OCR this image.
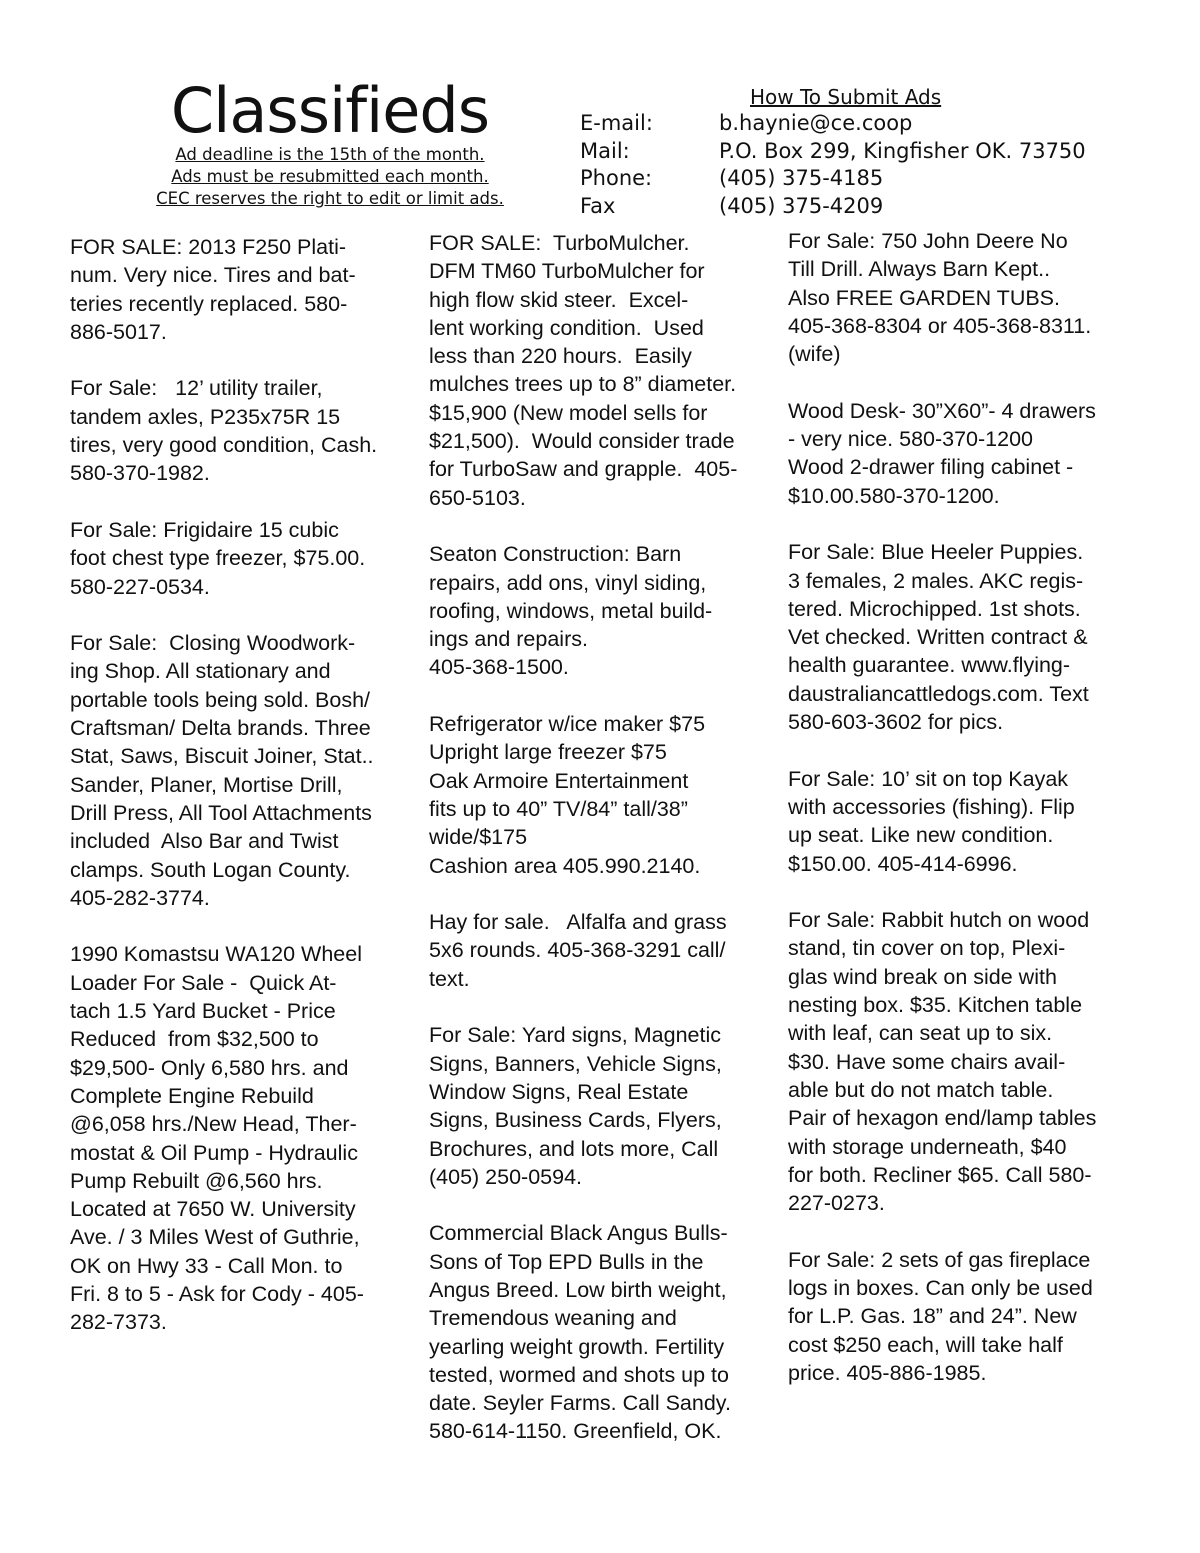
Classifieds
Ad deadline is the 15th of the month.
Ads must be resubmitted each month.
CEC reserves the right to edit or limit ads.
How To Submit Ads
E-mail:	b.haynie@ce.coop
Mail:	P.O. Box 299, Kingfisher OK. 73750
Phone:	(405) 375-4185
Fax	(405) 375-4209
FOR SALE: 2013 F250 Plati-
num. Very nice. Tires and bat-
teries recently replaced. 580-
886-5017.
For Sale:   12’ utility trailer,
tandem axles, P235x75R 15
tires, very good condition, Cash.
580-370-1982.
For Sale: Frigidaire 15 cubic
foot chest type freezer, $75.00.
580-227-0534.
For Sale:  Closing Woodwork-
ing Shop. All stationary and
portable tools being sold. Bosh/
Craftsman/ Delta brands. Three
Stat, Saws, Biscuit Joiner, Stat..
Sander, Planer, Mortise Drill,
Drill Press, All Tool Attachments
included  Also Bar and Twist
clamps. South Logan County.
405-282-3774.
1990 Komastsu WA120 Wheel
Loader For Sale -  Quick At-
tach 1.5 Yard Bucket - Price
Reduced  from $32,500 to
$29,500- Only 6,580 hrs. and
Complete Engine Rebuild
@6,058 hrs./New Head, Ther-
mostat & Oil Pump - Hydraulic
Pump Rebuilt @6,560 hrs.
Located at 7650 W. University
Ave. / 3 Miles West of Guthrie,
OK on Hwy 33 - Call Mon. to
Fri. 8 to 5 - Ask for Cody - 405-
282-7373.
FOR SALE:  TurboMulcher.
DFM TM60 TurboMulcher for
high flow skid steer.  Excel-
lent working condition.  Used
less than 220 hours.  Easily
mulches trees up to 8” diameter.
$15,900 (New model sells for
$21,500).  Would consider trade
for TurboSaw and grapple.  405-
650-5103.
Seaton Construction: Barn
repairs, add ons, vinyl siding,
roofing, windows, metal build-
ings and repairs.
405-368-1500.
Refrigerator w/ice maker $75
Upright large freezer $75
Oak Armoire Entertainment
fits up to 40” TV/84” tall/38”
wide/$175
Cashion area 405.990.2140.
Hay for sale.   Alfalfa and grass
5x6 rounds. 405-368-3291 call/
text.
For Sale: Yard signs, Magnetic
Signs, Banners, Vehicle Signs,
Window Signs, Real Estate
Signs, Business Cards, Flyers,
Brochures, and lots more, Call
(405) 250-0594.
Commercial Black Angus Bulls-
Sons of Top EPD Bulls in the
Angus Breed. Low birth weight,
Tremendous weaning and
yearling weight growth. Fertility
tested, wormed and shots up to
date. Seyler Farms. Call Sandy.
580-614-1150. Greenfield, OK.
For Sale: 750 John Deere No
Till Drill. Always Barn Kept..
Also FREE GARDEN TUBS.
405-368-8304 or 405-368-8311.
(wife)
Wood Desk- 30”X60”- 4 drawers
- very nice. 580-370-1200
Wood 2-drawer filing cabinet -
$10.00.580-370-1200.
For Sale: Blue Heeler Puppies.
3 females, 2 males. AKC regis-
tered. Microchipped. 1st shots.
Vet checked. Written contract &
health guarantee. www.flying-
daustraliancattledogs.com. Text
580-603-3602 for pics.
For Sale: 10’ sit on top Kayak
with accessories (fishing). Flip
up seat. Like new condition.
$150.00. 405-414-6996.
For Sale: Rabbit hutch on wood
stand, tin cover on top, Plexi-
glas wind break on side with
nesting box. $35. Kitchen table
with leaf, can seat up to six.
$30. Have some chairs avail-
able but do not match table.
Pair of hexagon end/lamp tables
with storage underneath, $40
for both. Recliner $65. Call 580-
227-0273.
For Sale: 2 sets of gas fireplace
logs in boxes. Can only be used
for L.P. Gas. 18” and 24”. New
cost $250 each, will take half
price. 405-886-1985.
